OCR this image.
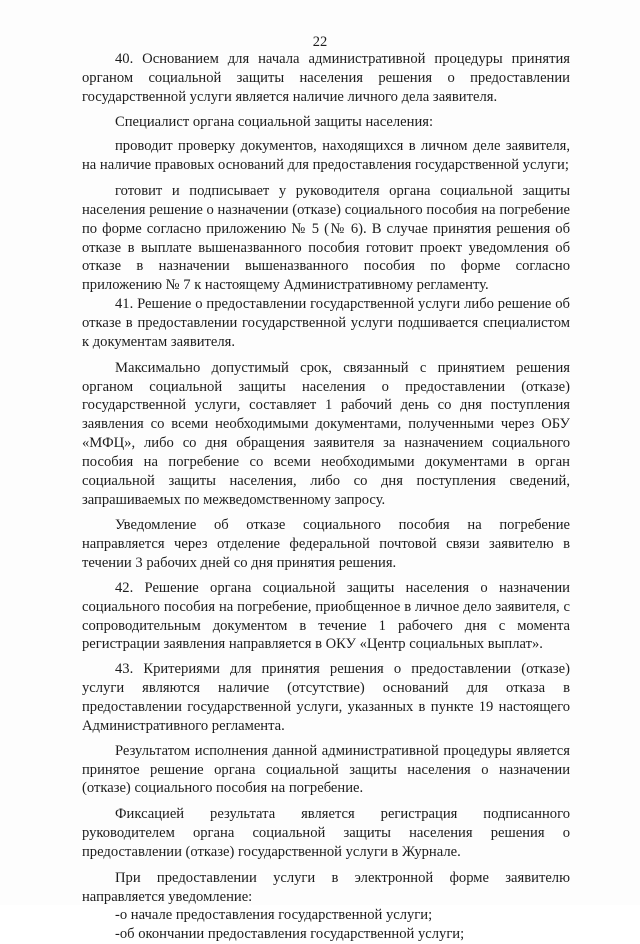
22

40. Основанием для начала административной процедуры принятия органом социальной защиты населения решения о предоставлении государственной услуги является наличие личного дела заявителя.

Специалист органа социальной защиты населения:

проводит проверку документов, находящихся в личном деле заявителя, на наличие правовых оснований для предоставления государственной услуги;

готовит и подписывает у руководителя органа социальной защиты населения решение о назначении (отказе) социального пособия на погребение по форме согласно приложению № 5 (№ 6). В случае принятия решения об отказе в выплате вышеназванного пособия готовит проект уведомления об отказе в назначении вышеназванного пособия по форме согласно приложению № 7 к настоящему Административному регламенту.

41. Решение о предоставлении государственной услуги либо решение об отказе в предоставлении государственной услуги подшивается специалистом к документам заявителя.

Максимально допустимый срок, связанный с принятием решения органом социальной защиты населения о предоставлении (отказе) государственной услуги, составляет 1 рабочий день со дня поступления заявления со всеми необходимыми документами, полученными через ОБУ «МФЦ», либо со дня обращения заявителя за назначением социального пособия на погребение со всеми необходимыми документами в орган социальной защиты населения, либо со дня поступления сведений, запрашиваемых по межведомственному запросу.

Уведомление об отказе социального пособия на погребение направляется через отделение федеральной почтовой связи заявителю в течении 3 рабочих дней со дня принятия решения.

42. Решение органа социальной защиты населения о назначении социального пособия на погребение, приобщенное в личное дело заявителя, с сопроводительным документом в течение 1 рабочего дня с момента регистрации заявления направляется в ОКУ «Центр социальных выплат».

43. Критериями для принятия решения о предоставлении (отказе) услуги являются наличие (отсутствие) оснований для отказа в предоставлении государственной услуги, указанных в пункте 19 настоящего Административного регламента.

Результатом исполнения данной административной процедуры является принятое решение органа социальной защиты населения о назначении (отказе) социального пособия на погребение.

Фиксацией результата является регистрация подписанного руководителем органа социальной защиты населения решения о предоставлении (отказе) государственной услуги в Журнале.

При предоставлении услуги в электронной форме заявителю направляется уведомление:

-о начале предоставления государственной услуги;

-об окончании предоставления государственной услуги;
